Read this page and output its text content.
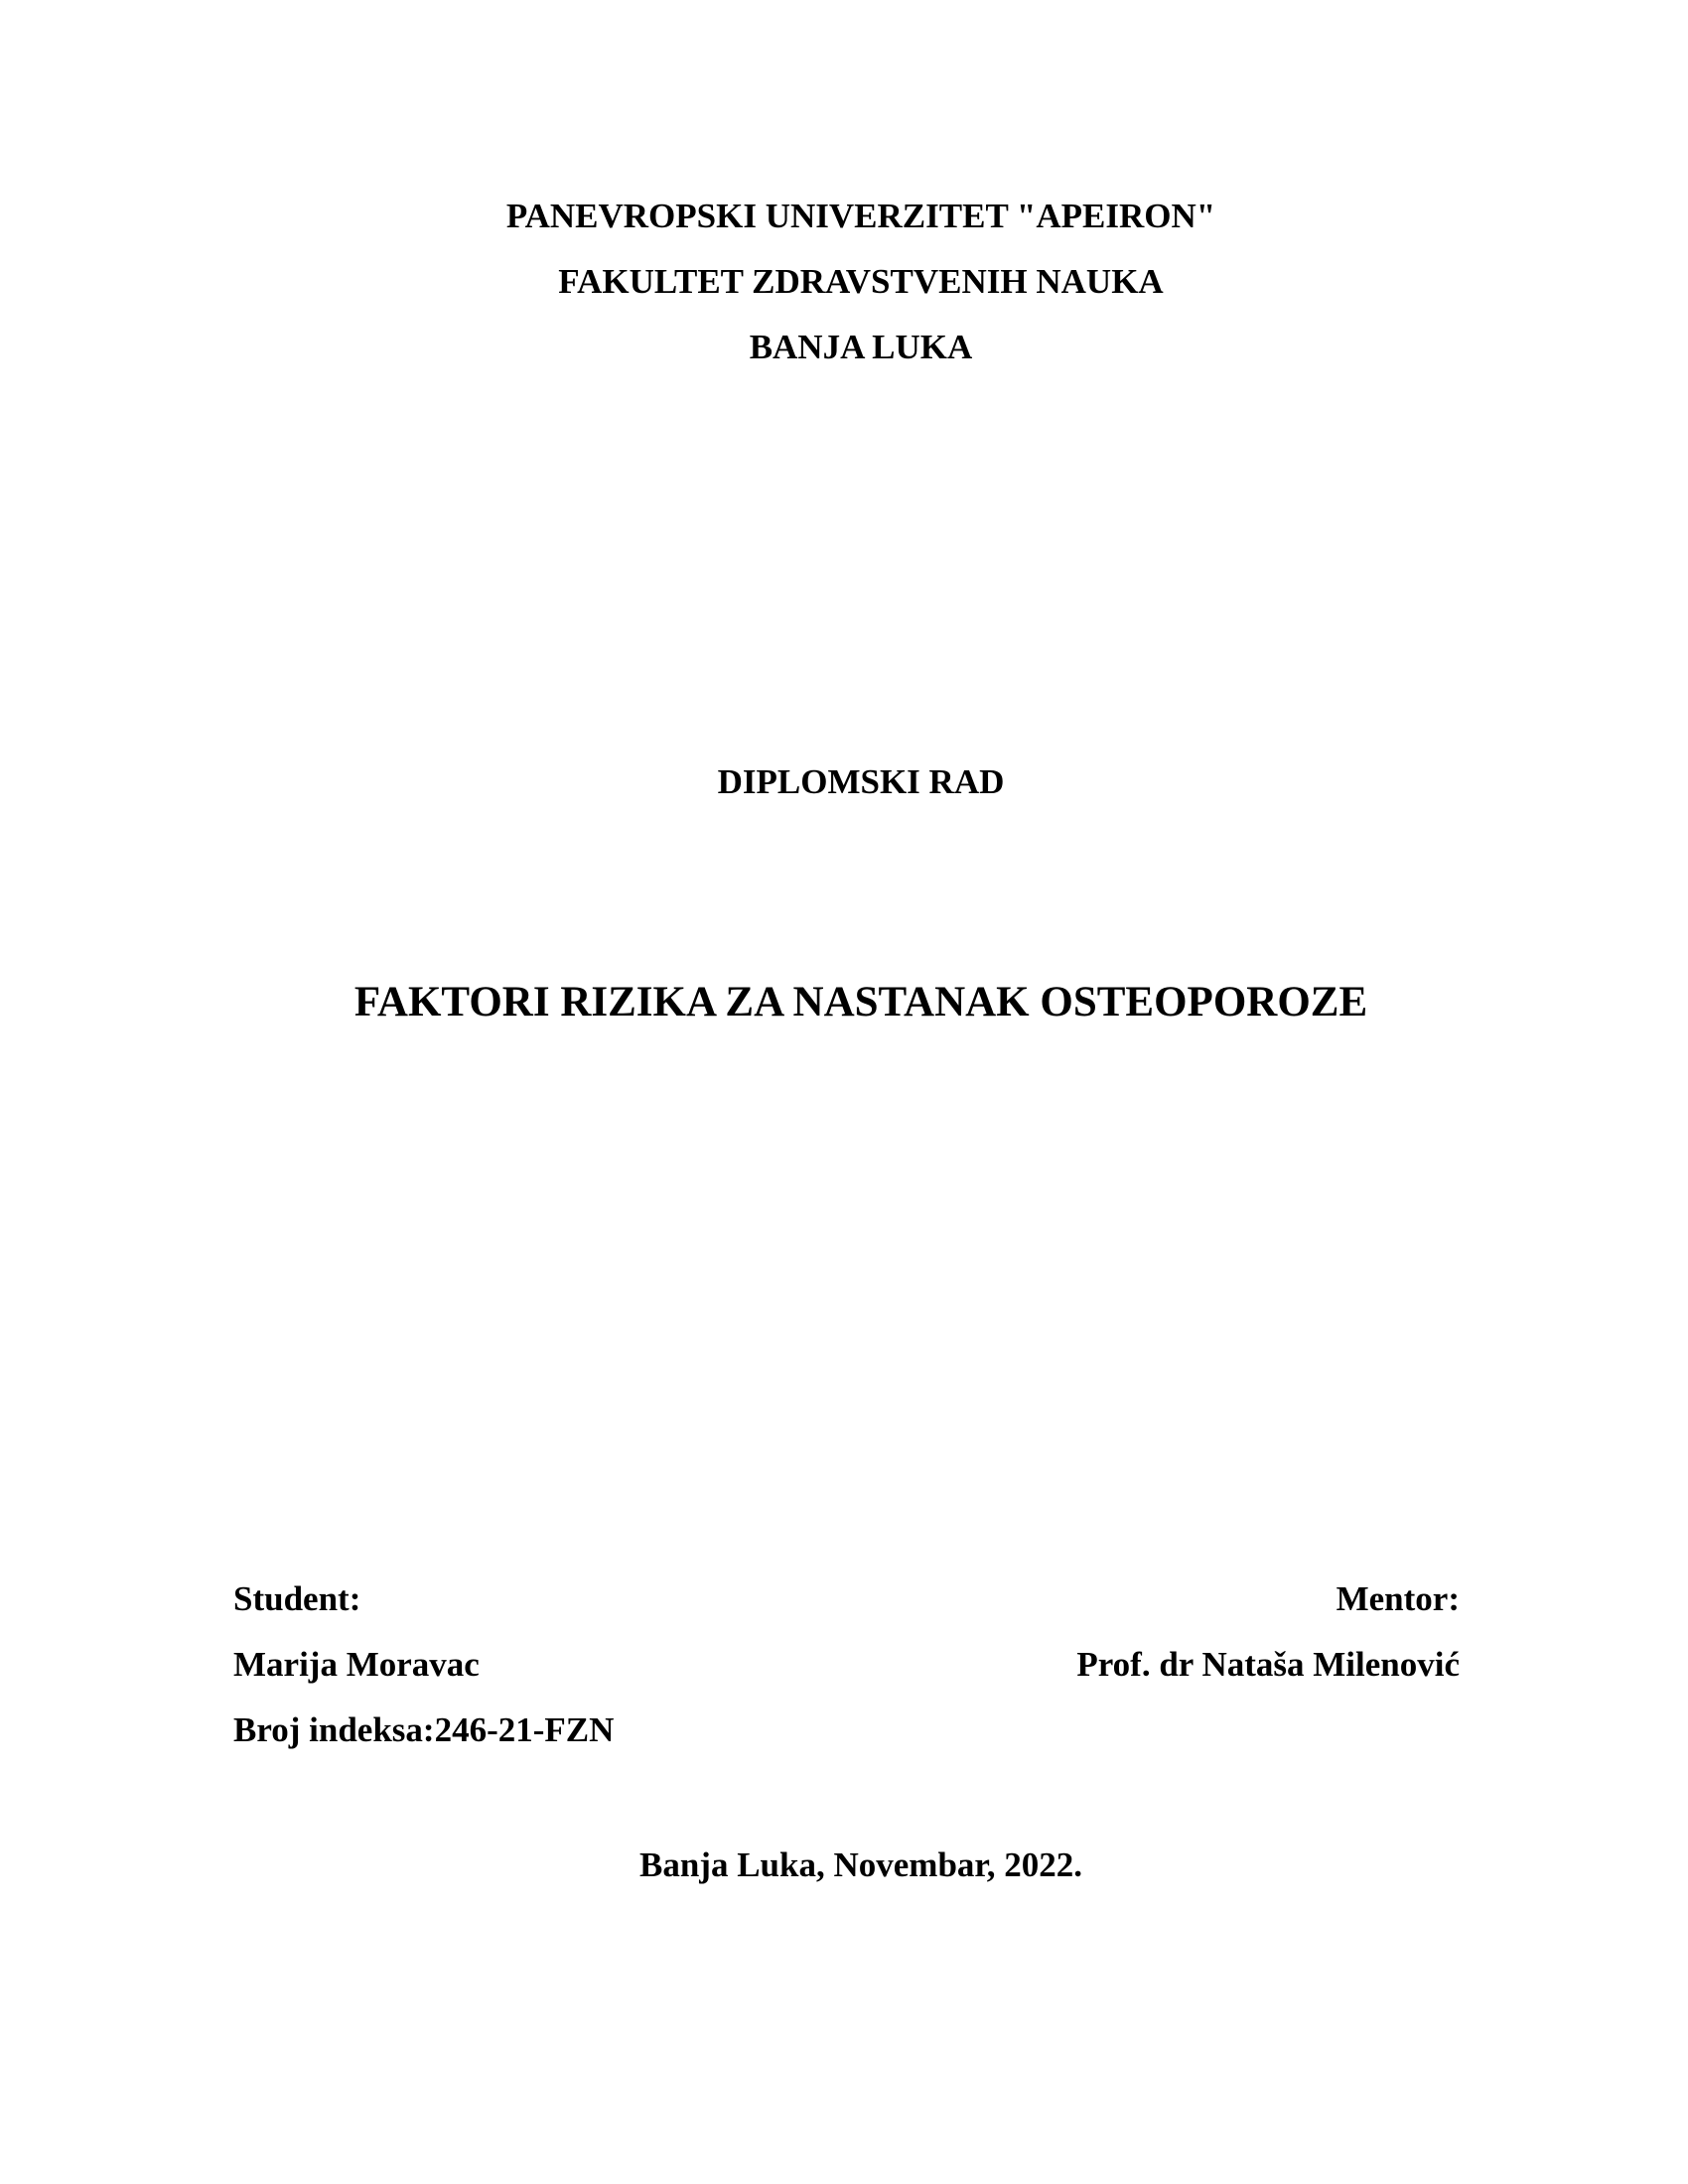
PANEVROPSKI UNIVERZITET "APEIRON"
FAKULTET ZDRAVSTVENIH NAUKA
BANJA LUKA
DIPLOMSKI RAD
FAKTORI RIZIKA ZA NASTANAK OSTEOPOROZE
Student:
Marija Moravac
Broj indeksa:246-21-FZN
Mentor:
Prof. dr Nataša Milenović
Banja Luka, Novembar, 2022.
